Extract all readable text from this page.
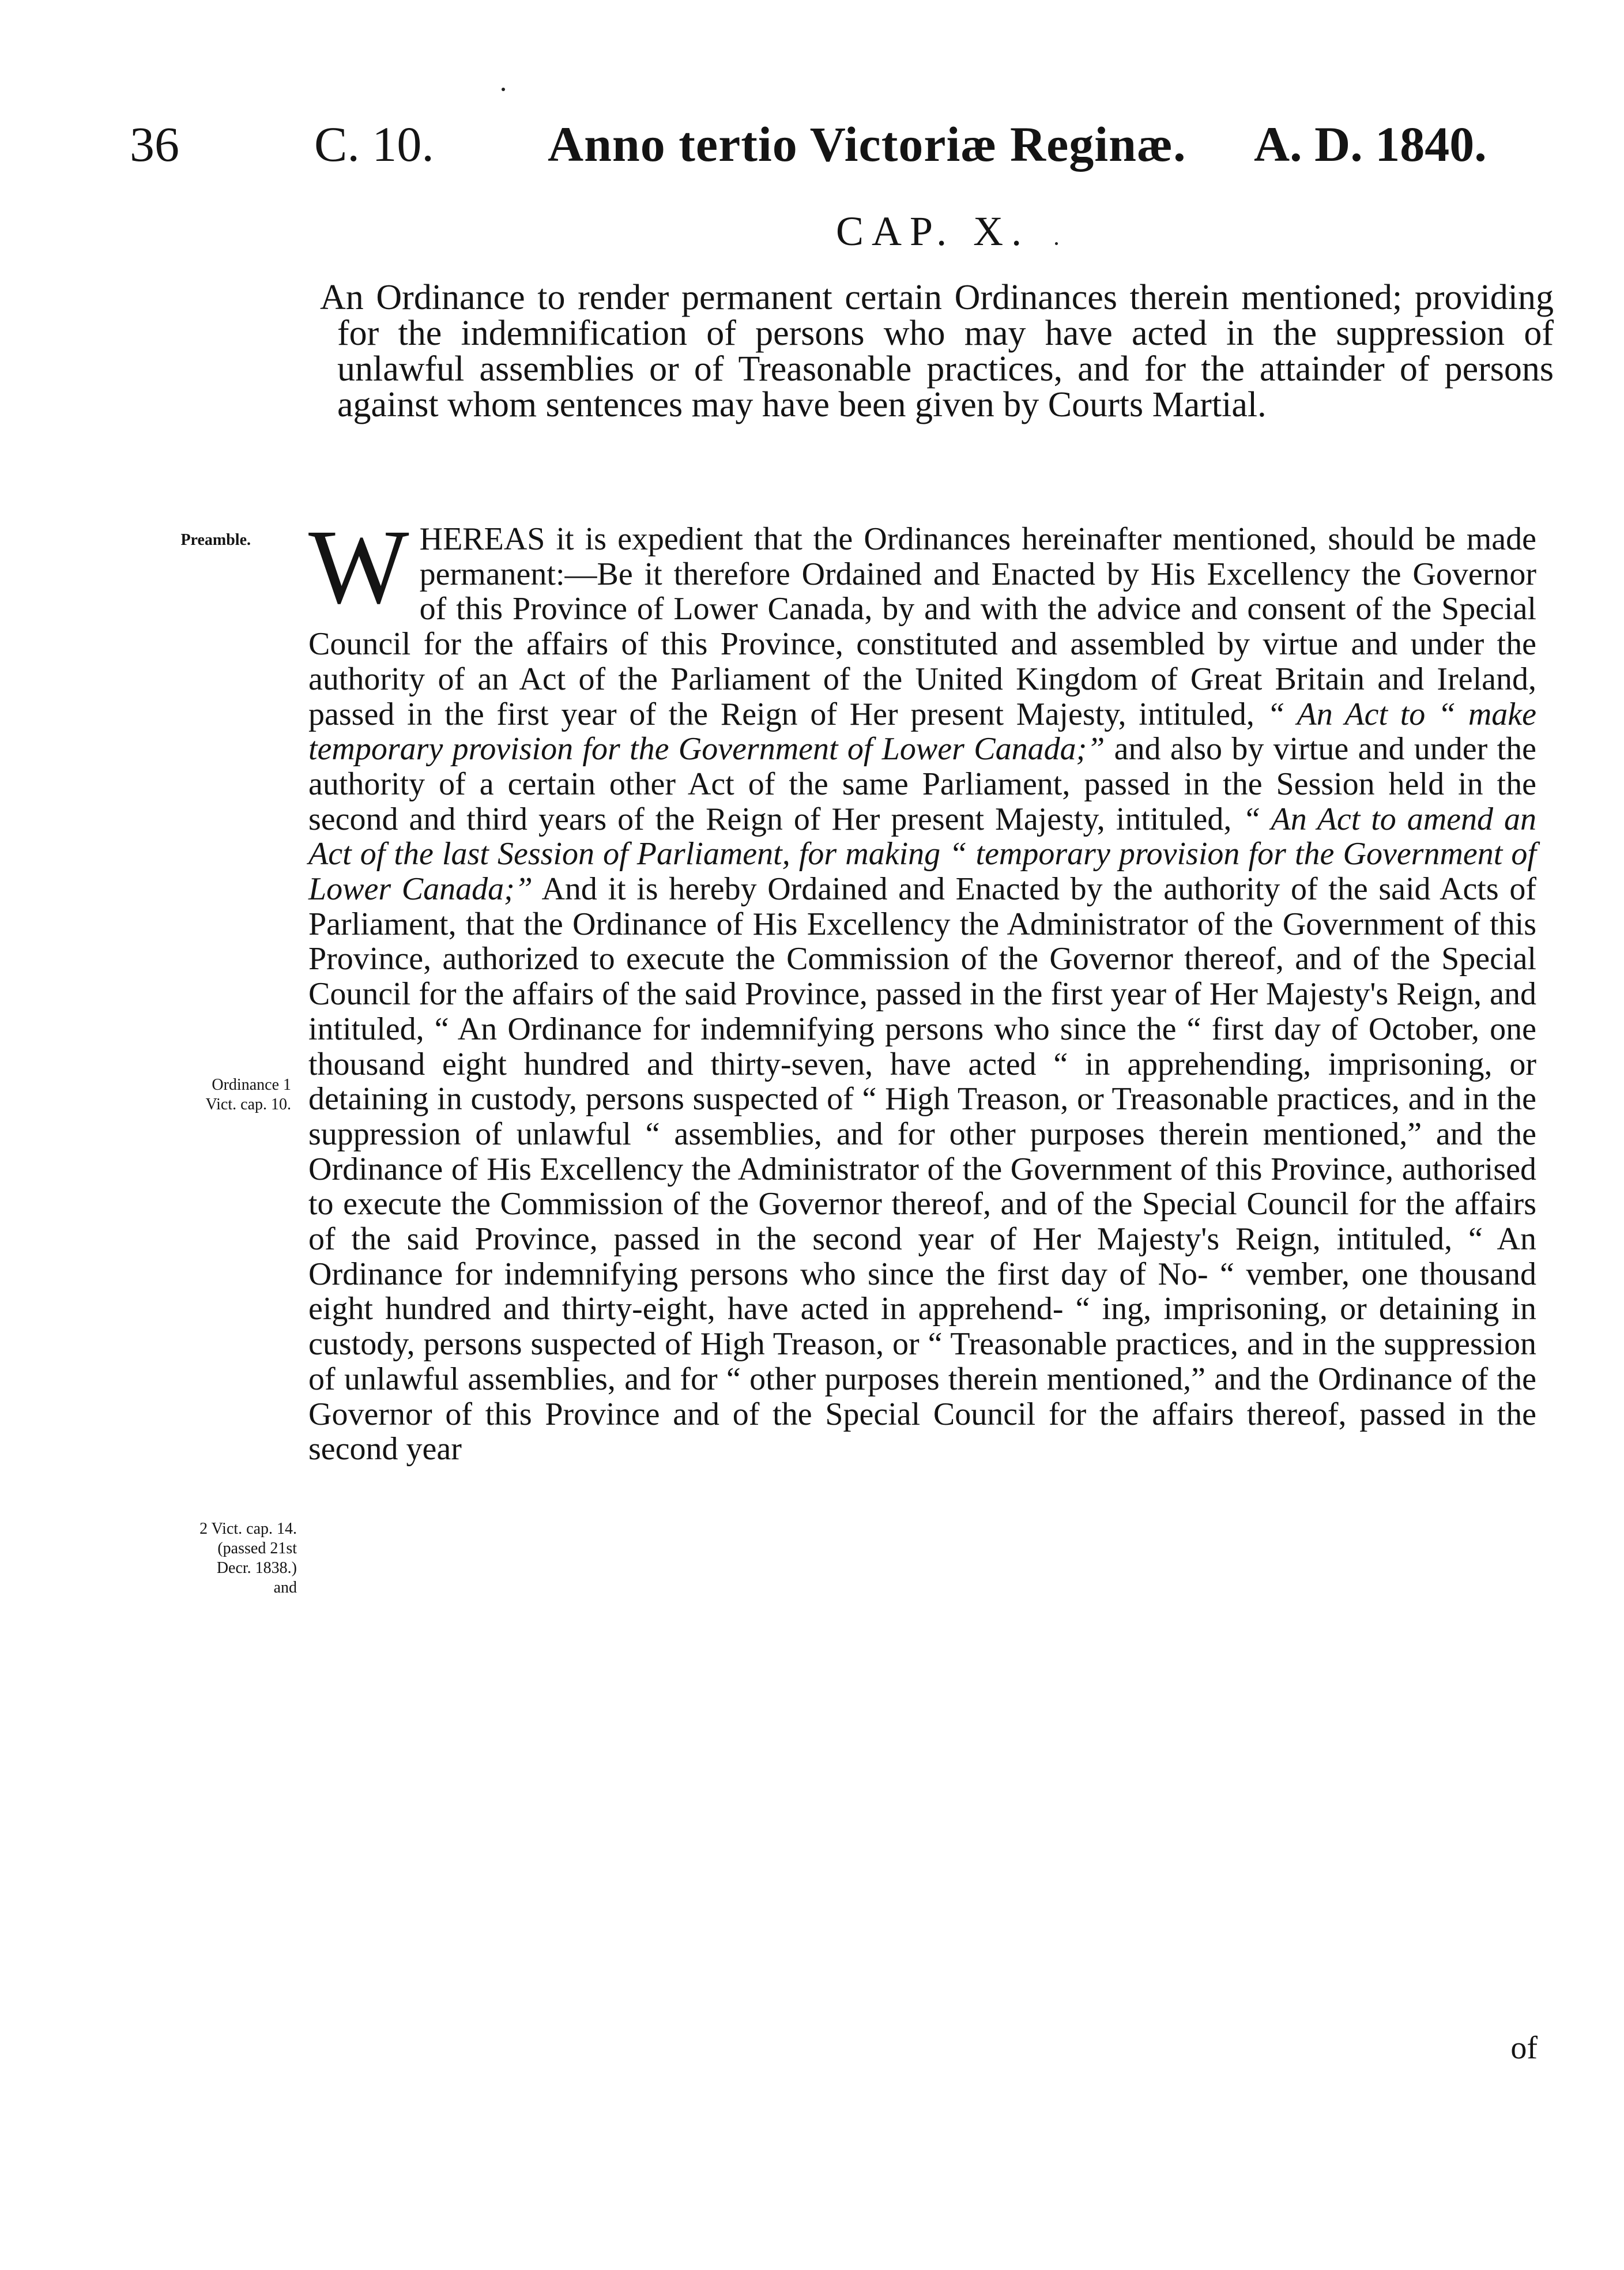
36	C. 10. Anno tertio Victoriæ Reginæ. A. D. 1840.
CAP. X.
An Ordinance to render permanent certain Ordinances therein mentioned; providing for the indemnification of persons who may have acted in the suppression of unlawful assemblies or of Treasonable practices, and for the attainder of persons against whom sentences may have been given by Courts Martial.
Preamble.
Ordinance 1
Vict. cap. 10.
2 Vict. cap. 14.
(passed 21st
Decr. 1838.)
and
W HEREAS it is expedient that the Ordinances hereinafter mentioned, should be made permanent:—Be it therefore Ordained and Enacted by His Excellency the Governor of this Province of Lower Canada, by and with the advice and consent of the Special Council for the affairs of this Province, constituted and assembled by virtue and under the authority of an Act of the Parliament of the United Kingdom of Great Britain and Ireland, passed in the first year of the Reign of Her present Majesty, intituled, “ An Act to “ make temporary provision for the Government of Lower Canada;” and also by virtue and under the authority of a certain other Act of the same Parliament, passed in the Session held in the second and third years of the Reign of Her present Majesty, intituled, “ An Act to amend an Act of the last Session of Parliament, for making “ temporary provision for the Government of Lower Canada;” And it is hereby Ordained and Enacted by the authority of the said Acts of Parliament, that the Ordinance of His Excellency the Administrator of the Government of this Province, authorized to execute the Commission of the Governor thereof, and of the Special Council for the affairs of the said Province, passed in the first year of Her Majesty's Reign, and intituled, “ An Ordinance for indemnifying persons who since the “ first day of October, one thousand eight hundred and thirty-seven, have acted “ in apprehending, imprisoning, or detaining in custody, persons suspected of “ High Treason, or Treasonable practices, and in the suppression of unlawful “ assemblies, and for other purposes therein mentioned,” and the Ordinance of His Excellency the Administrator of the Government of this Province, authorised to execute the Commission of the Governor thereof, and of the Special Council for the affairs of the said Province, passed in the second year of Her Majesty's Reign, intituled, “ An Ordinance for indemnifying persons who since the first day of No- “ vember, one thousand eight hundred and thirty-eight, have acted in apprehend- “ ing, imprisoning, or detaining in custody, persons suspected of High Treason, or “ Treasonable practices, and in the suppression of unlawful assemblies, and for “ other purposes therein mentioned,” and the Ordinance of the Governor of this Province and of the Special Council for the affairs thereof, passed in the second year
of
